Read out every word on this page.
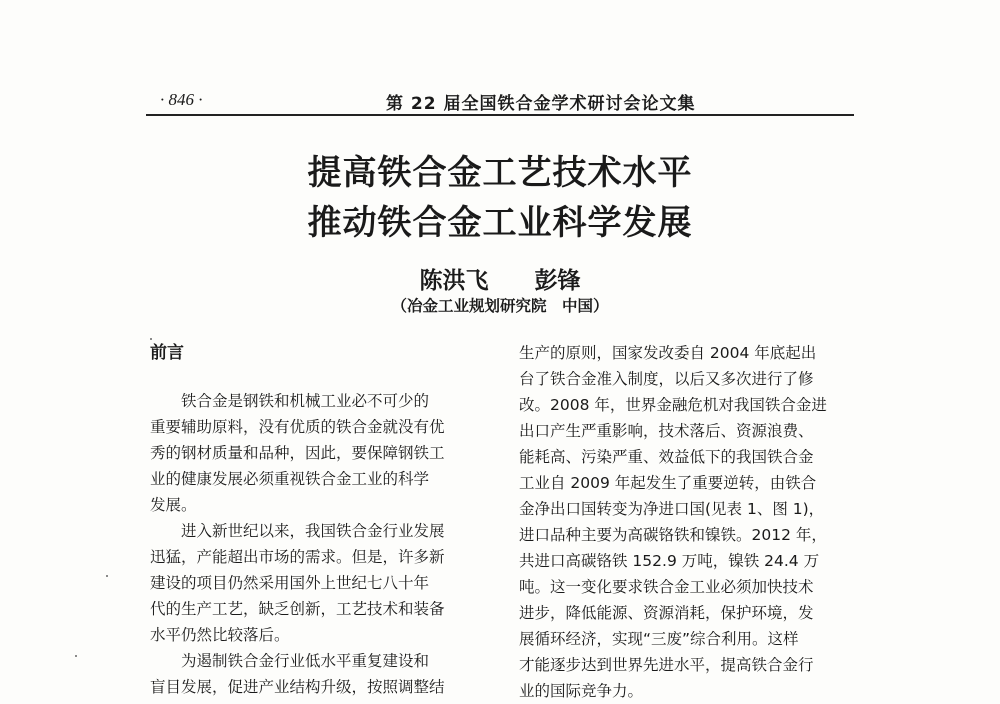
· 846 ·	第 22 届全国铁合金学术研讨会论文集
提高铁合金工艺技术水平
推动铁合金工业科学发展
陈洪飞 彭锋
（冶金工业规划研究院　中国）
前言
　　铁合金是钢铁和机械工业必不可少的
重要辅助原料，没有优质的铁合金就没有优
秀的钢材质量和品种，因此，要保障钢铁工
业的健康发展必须重视铁合金工业的科学
发展。
　　进入新世纪以来，我国铁合金行业发展
迅猛，产能超出市场的需求。但是，许多新
建设的项目仍然采用国外上世纪七八十年
代的生产工艺，缺乏创新，工艺技术和装备
水平仍然比较落后。
　　为遏制铁合金行业低水平重复建设和
盲目发展，促进产业结构升级，按照调整结
生产的原则，国家发改委自 2004 年底起出
台了铁合金准入制度，以后又多次进行了修
改。2008 年，世界金融危机对我国铁合金进
出口产生严重影响，技术落后、资源浪费、
能耗高、污染严重、效益低下的我国铁合金
工业自 2009 年起发生了重要逆转，由铁合
金净出口国转变为净进口国(见表 1、图 1)，
进口品种主要为高碳铬铁和镍铁。2012 年，
共进口高碳铬铁 152.9 万吨，镍铁 24.4 万
吨。这一变化要求铁合金工业必须加快技术
进步，降低能源、资源消耗，保护环境，发
展循环经济，实现“三废”综合利用。这样
才能逐步达到世界先进水平，提高铁合金行
业的国际竞争力。
